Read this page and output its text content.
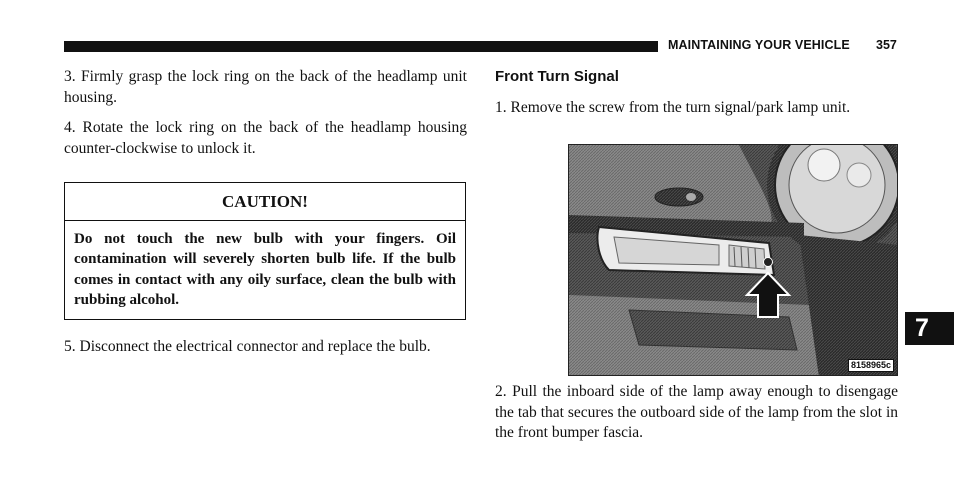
MAINTAINING YOUR VEHICLE 357

3. Firmly grasp the lock ring on the back of the headlamp unit housing.

4. Rotate the lock ring on the back of the headlamp housing counter-clockwise to unlock it.

CAUTION!
Do not touch the new bulb with your fingers. Oil contamination will severely shorten bulb life. If the bulb comes in contact with any oily surface, clean the bulb with rubbing alcohol.

5. Disconnect the electrical connector and replace the bulb.

Front Turn Signal

1. Remove the screw from the turn signal/park lamp unit.

8158965c

2. Pull the inboard side of the lamp away enough to disengage the tab that secures the outboard side of the lamp from the slot in the front bumper fascia.

7
